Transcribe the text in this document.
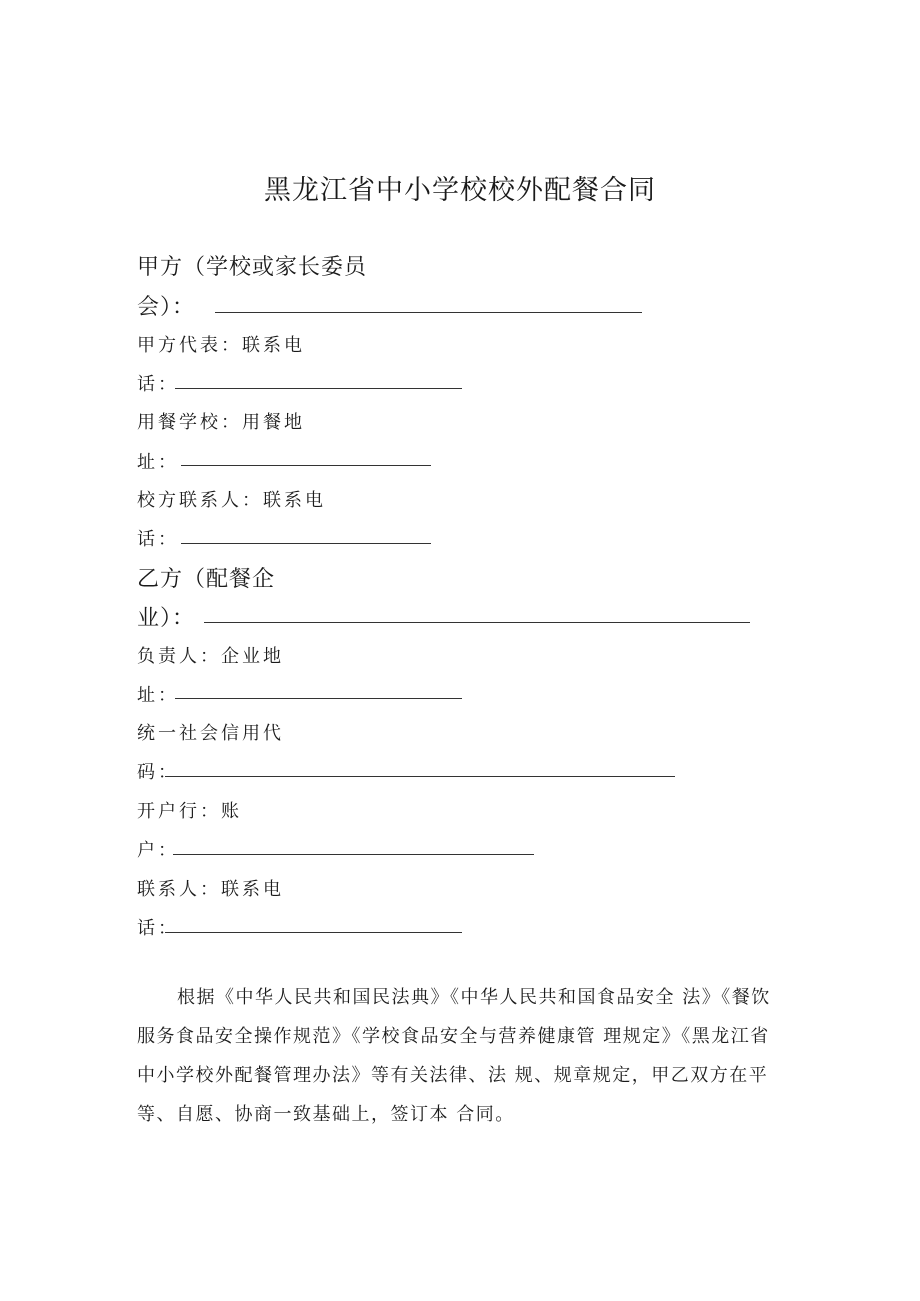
黑龙江省中小学校校外配餐合同
甲方（学校或家长委员
会）：
甲方代表：联系电
话：
用餐学校：用餐地
址：
校方联系人：联系电
话：
乙方（配餐企
业）：
负责人：企业地
址：
统一社会信用代
码：
开户行：账
户：
联系人：联系电
话：
根据《中华人民共和国民法典》《中华人民共和国食品安全 法》《餐饮服务食品安全操作规范》《学校食品安全与营养健康管 理规定》《黑龙江省中小学校外配餐管理办法》等有关法律、法 规、规章规定，甲乙双方在平等、自愿、协商一致基础上，签订本 合同。
